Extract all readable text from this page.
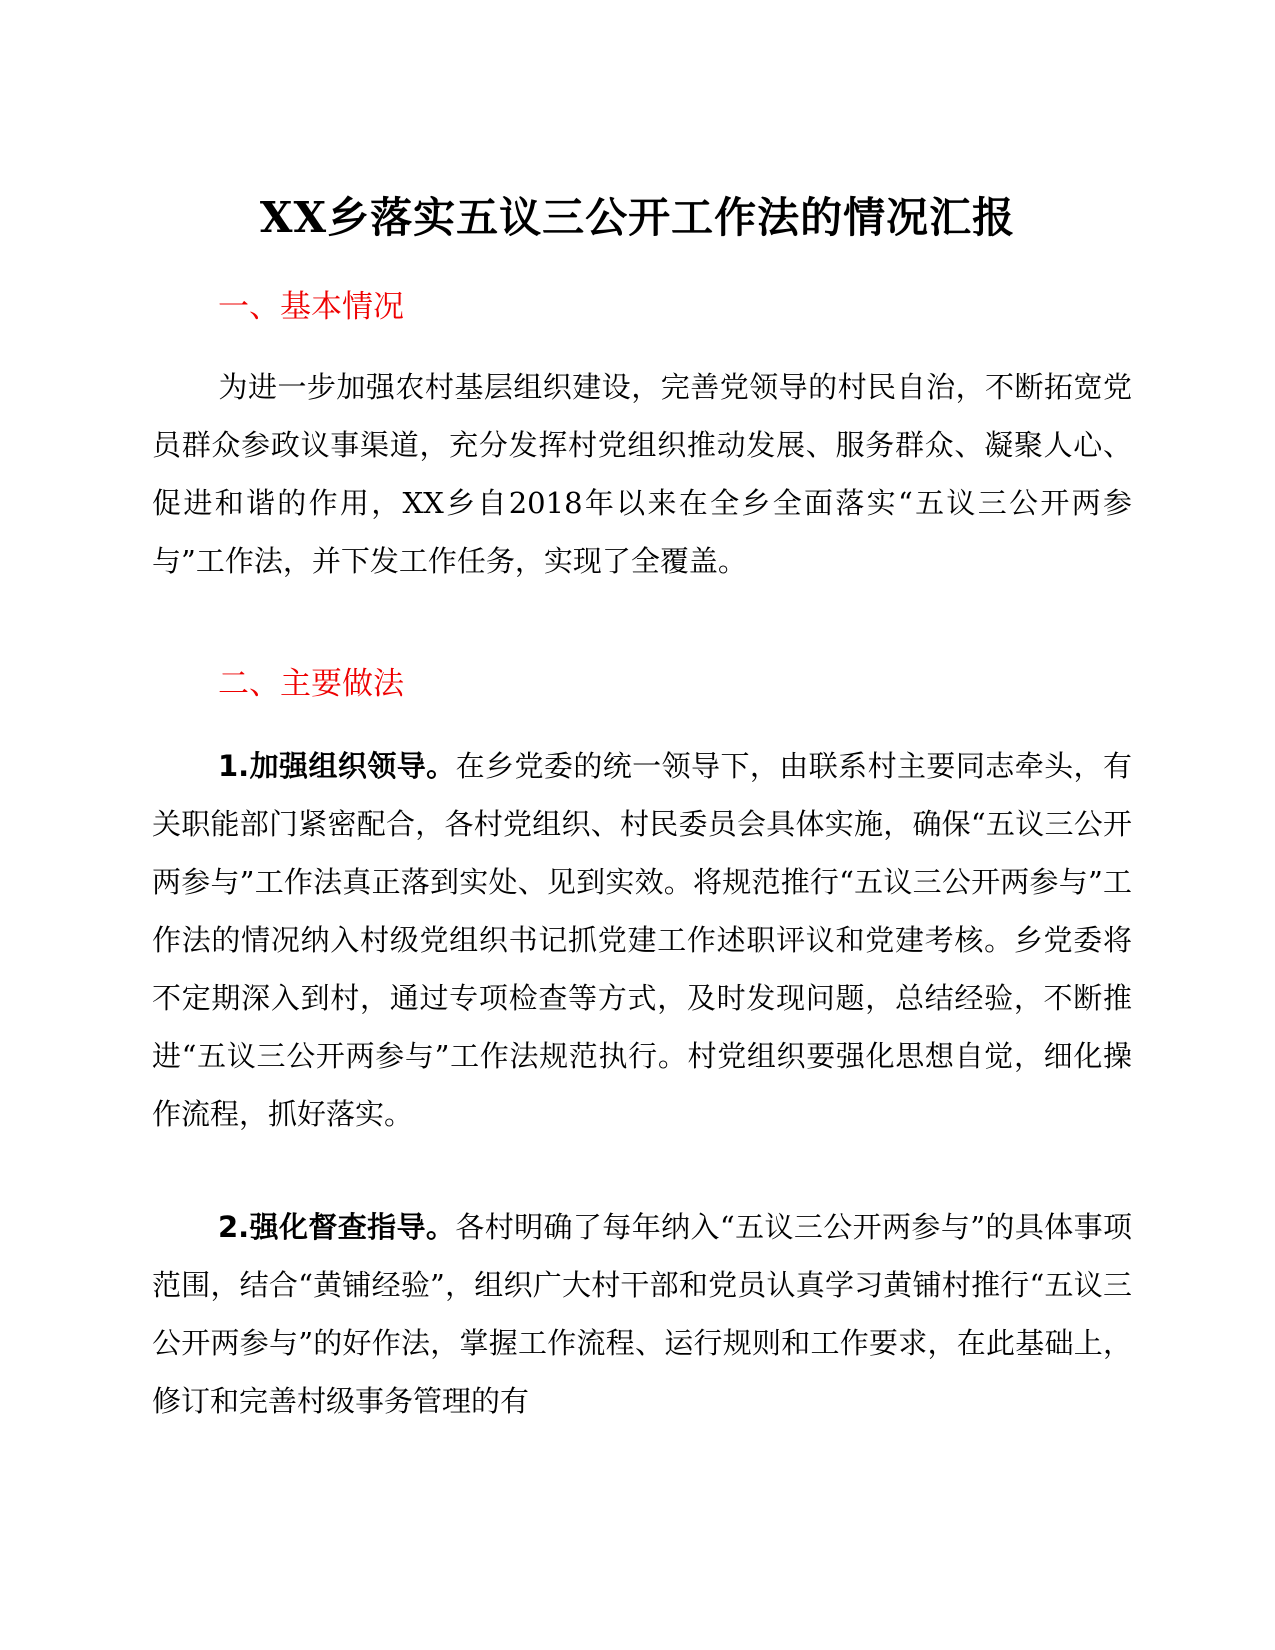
XX乡落实五议三公开工作法的情况汇报
一、基本情况
为进一步加强农村基层组织建设，完善党领导的村民自治，不断拓宽党员群众参政议事渠道，充分发挥村党组织推动发展、服务群众、凝聚人心、促进和谐的作用，XX乡自2018年以来在全乡全面落实“五议三公开两参与”工作法，并下发工作任务，实现了全覆盖。
二、主要做法
1.加强组织领导。在乡党委的统一领导下，由联系村主要同志牵头，有关职能部门紧密配合，各村党组织、村民委员会具体实施，确保“五议三公开两参与”工作法真正落到实处、见到实效。将规范推行“五议三公开两参与”工作法的情况纳入村级党组织书记抓党建工作述职评议和党建考核。乡党委将不定期深入到村，通过专项检查等方式，及时发现问题，总结经验，不断推进“五议三公开两参与”工作法规范执行。村党组织要强化思想自觉，细化操作流程，抓好落实。
2.强化督查指导。各村明确了每年纳入“五议三公开两参与”的具体事项范围，结合“黄铺经验”，组织广大村干部和党员认真学习黄铺村推行“五议三公开两参与”的好作法，掌握工作流程、运行规则和工作要求，在此基础上，修订和完善村级事务管理的有
